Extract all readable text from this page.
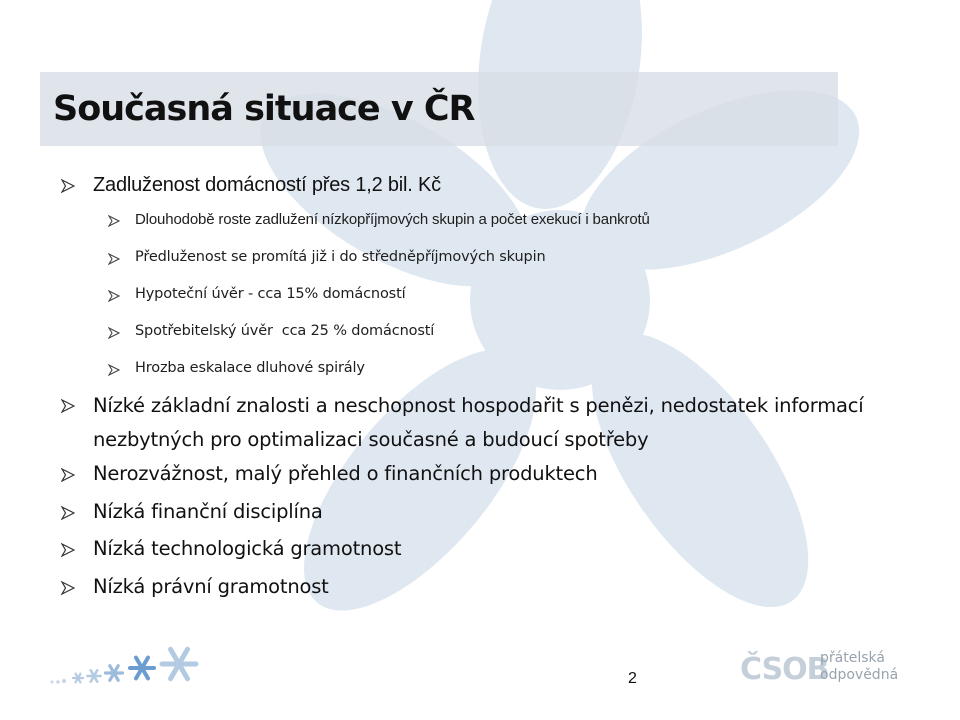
Současná situace v ČR
Zadluženost domácností přes 1,2 bil. Kč
Dlouhodobě roste zadlužení nízkopříjmových skupin a počet exekucí i bankrotů
Předluženost se promítá již i do středněpříjmových skupin
Hypoteční úvěr - cca 15% domácností
Spotřebitelský úvěr  cca 25 % domácností
Hrozba eskalace dluhové spirály
Nízké základní znalosti a neschopnost hospodařit s penězi, nedostatek informací nezbytných pro optimalizaci současné a budoucí spotřeby
Nerozvážnost, malý přehled o finančních produktech
Nízká finanční disciplína
Nízká technologická gramotnost
Nízká právní gramotnost
2	ČSOB
přátelská
odpovědná
